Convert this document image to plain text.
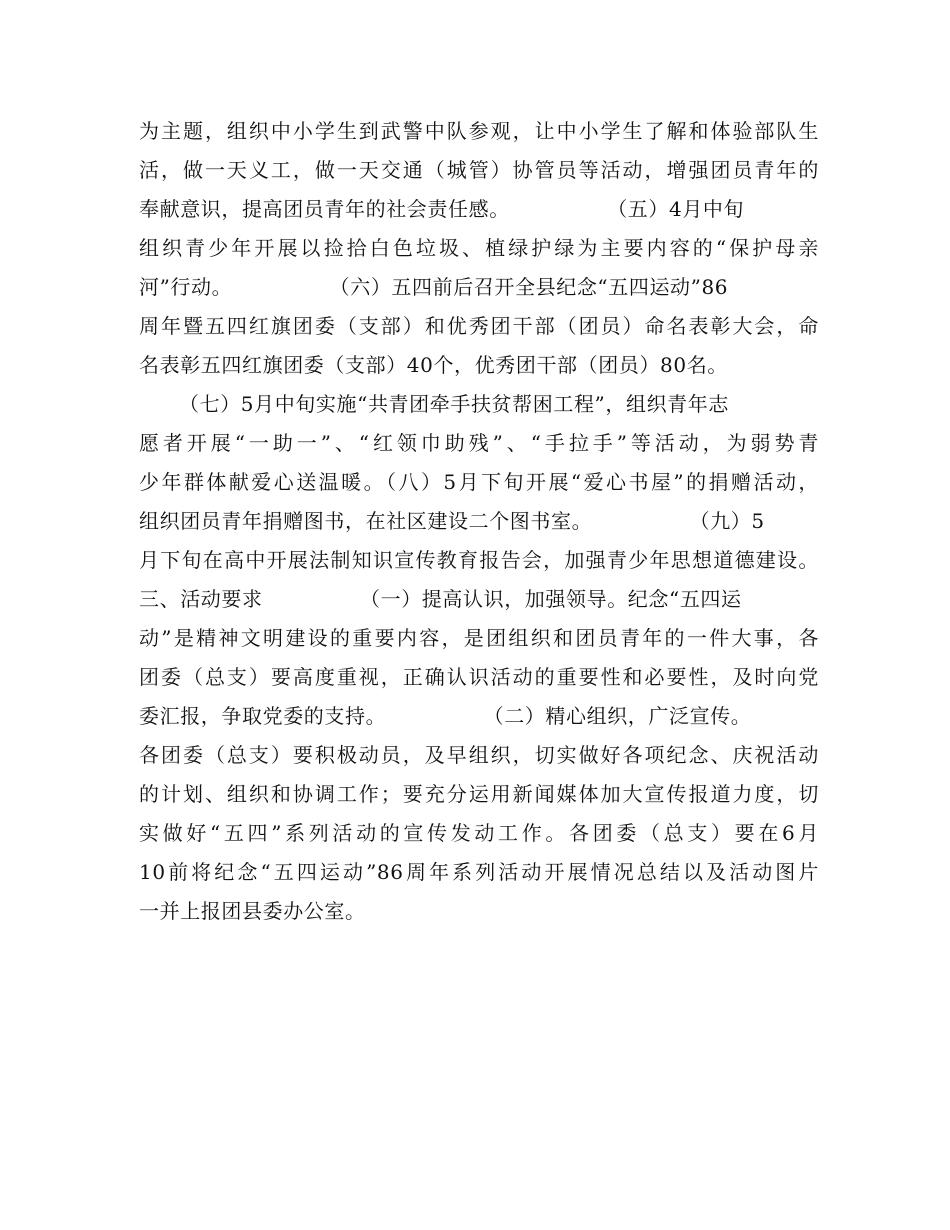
为主题，组织中小学生到武警中队参观，让中小学生了解和体验部队生
活，做一天义工，做一天交通（城管）协管员等活动，增强团员青年的
奉献意识，提高团员青年的社会责任感。              （五）4月中旬
组织青少年开展以捡拾白色垃圾、植绿护绿为主要内容的“保护母亲
河”行动。              （六）五四前后召开全县纪念“五四运动”86
周年暨五四红旗团委（支部）和优秀团干部（团员）命名表彰大会，命
名表彰五四红旗团委（支部）40个，优秀团干部（团员）80名。
（七）5月中旬实施“共青团牵手扶贫帮困工程”，组织青年志
愿者开展“一助一”、“红领巾助残”、“手拉手”等活动，为弱势青
少年群体献爱心送温暖。（八）5月下旬开展“爱心书屋”的捐赠活动，
组织团员青年捐赠图书，在社区建设二个图书室。              （九）5
月下旬在高中开展法制知识宣传教育报告会，加强青少年思想道德建设。
三、活动要求              （一）提高认识，加强领导。纪念“五四运
动”是精神文明建设的重要内容，是团组织和团员青年的一件大事，各
团委（总支）要高度重视，正确认识活动的重要性和必要性，及时向党
委汇报，争取党委的支持。              （二）精心组织，广泛宣传。
各团委（总支）要积极动员，及早组织，切实做好各项纪念、庆祝活动
的计划、组织和协调工作；要充分运用新闻媒体加大宣传报道力度，切
实做好“五四”系列活动的宣传发动工作。各团委（总支）要在6月
10前将纪念“五四运动”86周年系列活动开展情况总结以及活动图片
一并上报团县委办公室。
